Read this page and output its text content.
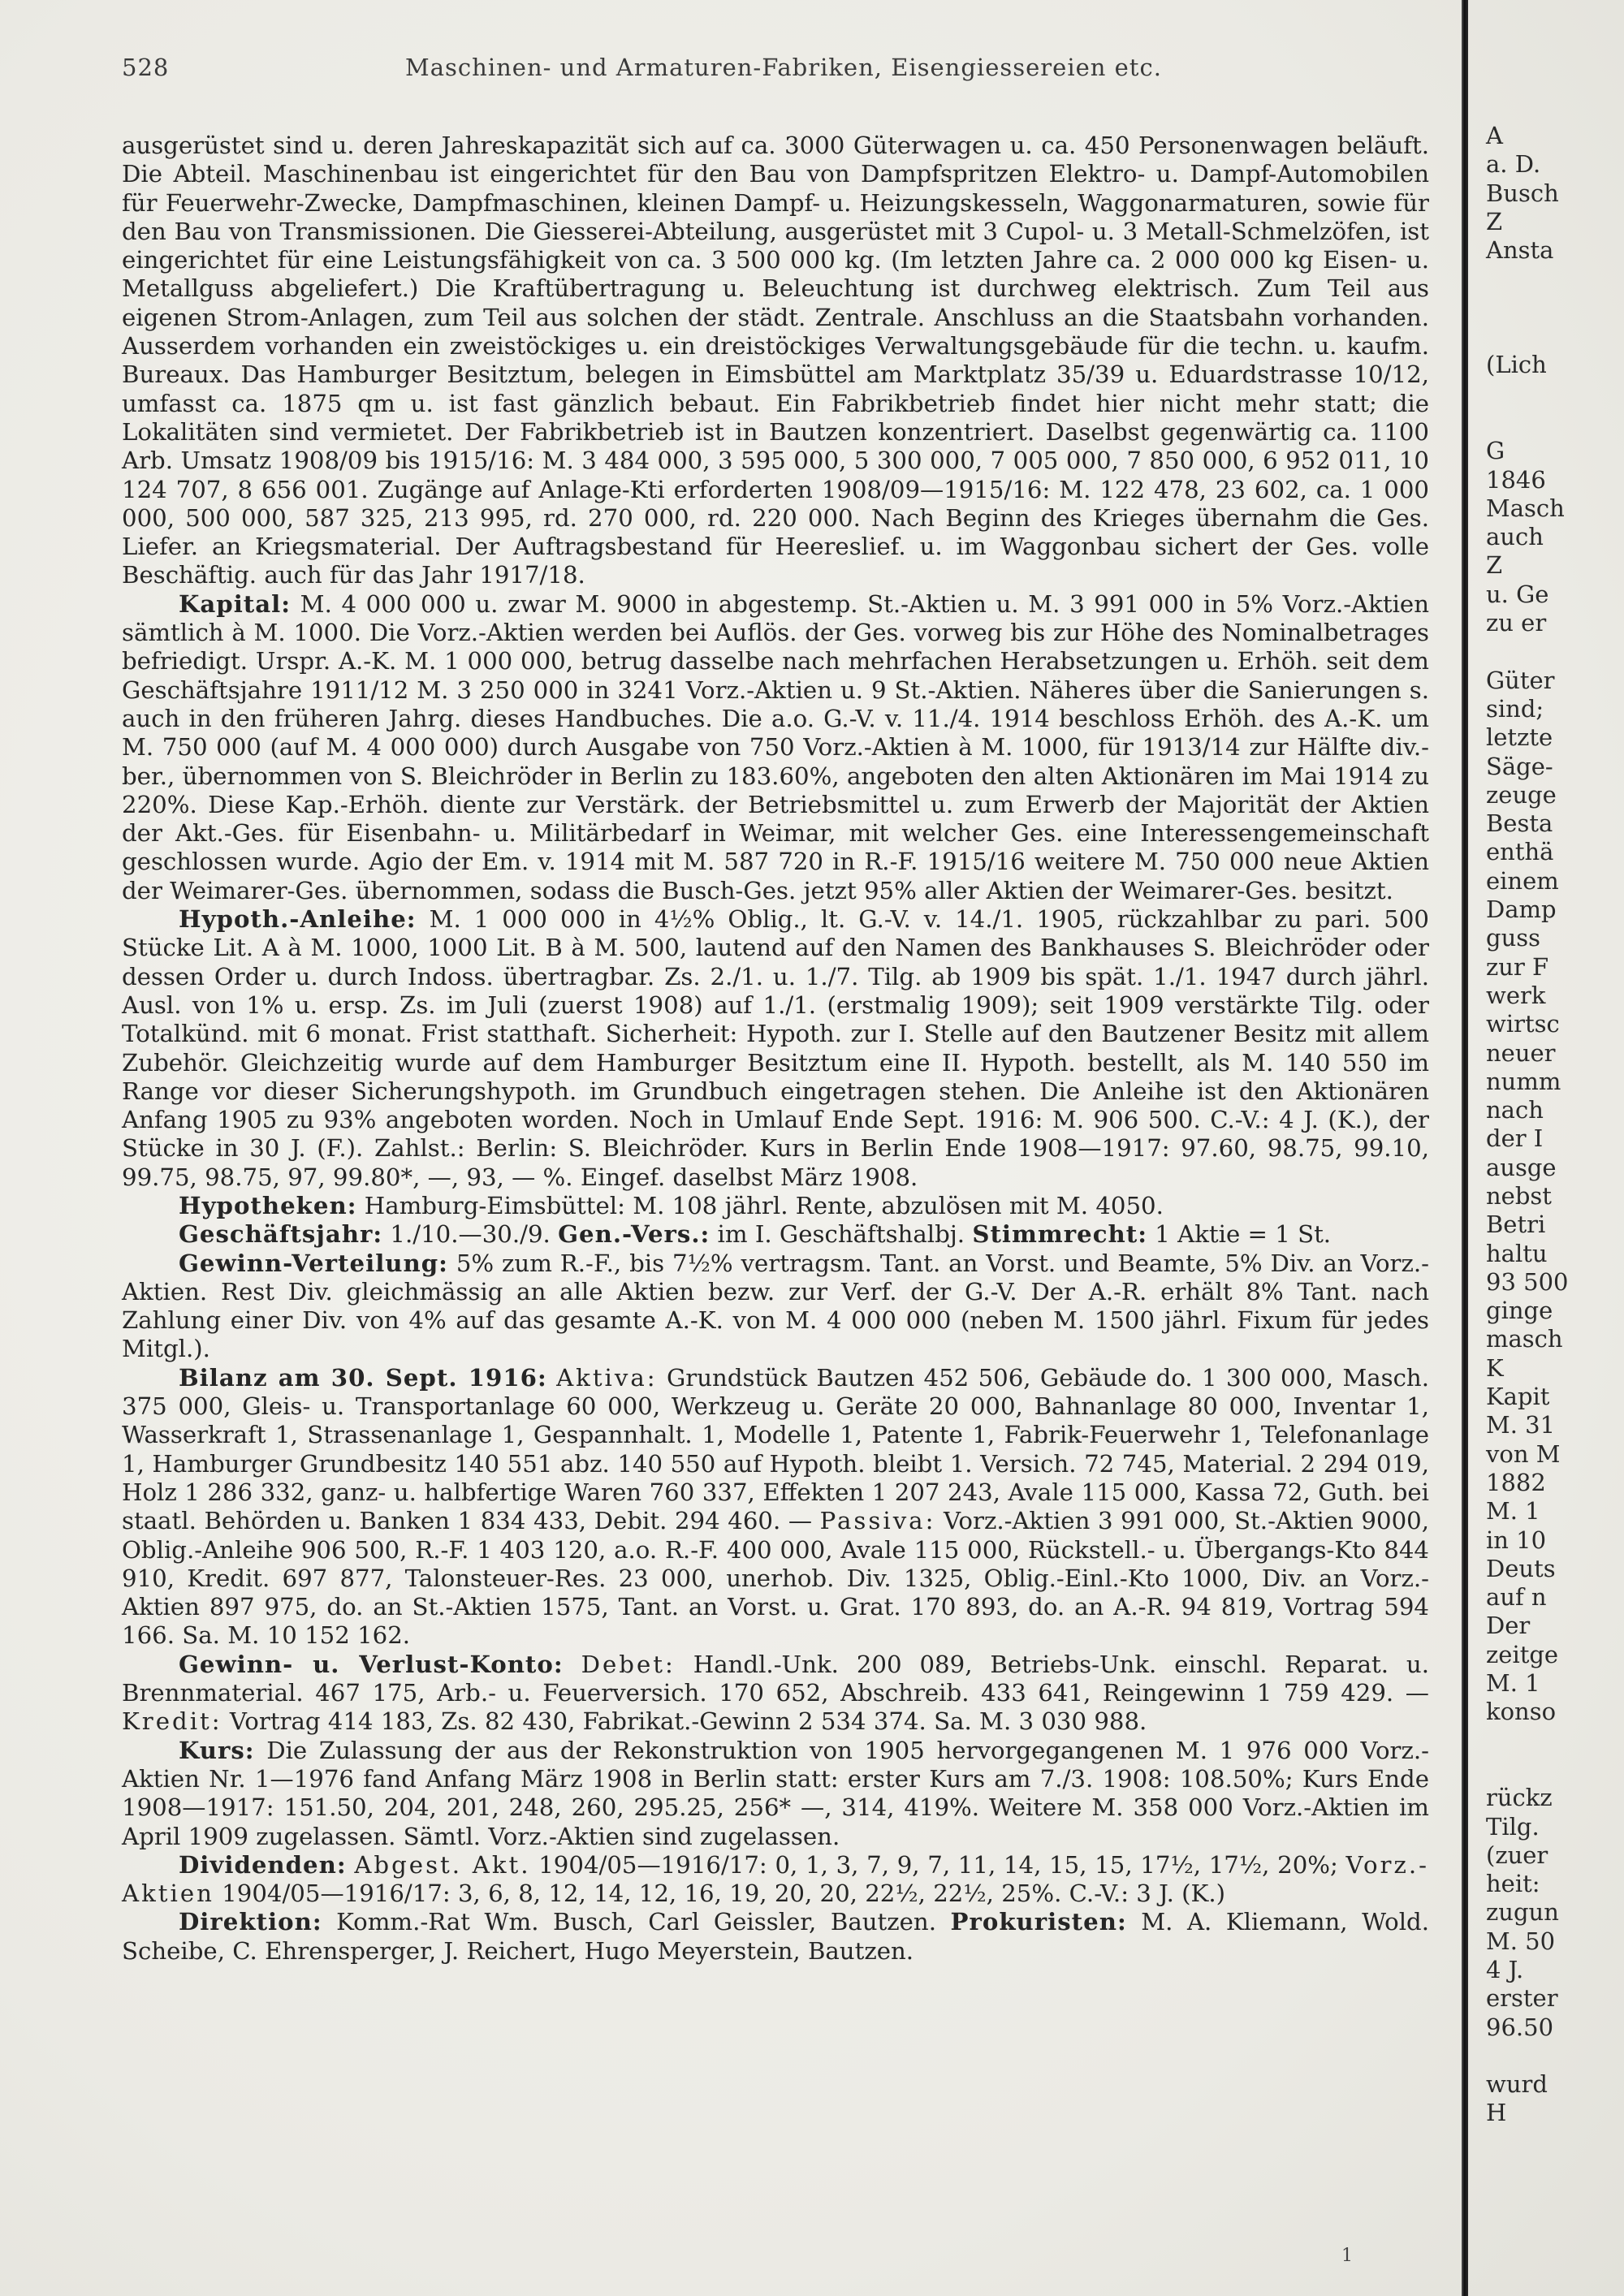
528	Maschinen- und Armaturen-Fabriken, Eisengiessereien etc.

ausgerüstet sind u. deren Jahreskapazität sich auf ca. 3000 Güterwagen u. ca. 450 Personenwagen beläuft. Die Abteil. Maschinenbau ist eingerichtet für den Bau von Dampfspritzen Elektro- u. Dampf-Automobilen für Feuerwehr-Zwecke, Dampfmaschinen, kleinen Dampf- u. Heizungskesseln, Waggonarmaturen, sowie für den Bau von Transmissionen. Die Giesserei-Abteilung, ausgerüstet mit 3 Cupol- u. 3 Metall-Schmelzöfen, ist eingerichtet für eine Leistungsfähigkeit von ca. 3 500 000 kg. (Im letzten Jahre ca. 2 000 000 kg Eisen- u. Metallguss abgeliefert.) Die Kraftübertragung u. Beleuchtung ist durchweg elektrisch. Zum Teil aus eigenen Strom-Anlagen, zum Teil aus solchen der städt. Zentrale. Anschluss an die Staatsbahn vorhanden. Ausserdem vorhanden ein zweistöckiges u. ein dreistöckiges Verwaltungsgebäude für die techn. u. kaufm. Bureaux. Das Hamburger Besitztum, belegen in Eimsbüttel am Marktplatz 35/39 u. Eduardstrasse 10/12, umfasst ca. 1875 qm u. ist fast gänzlich bebaut. Ein Fabrikbetrieb findet hier nicht mehr statt; die Lokalitäten sind vermietet. Der Fabrikbetrieb ist in Bautzen konzentriert. Daselbst gegenwärtig ca. 1100 Arb. Umsatz 1908/09 bis 1915/16: M. 3 484 000, 3 595 000, 5 300 000, 7 005 000, 7 850 000, 6 952 011, 10 124 707, 8 656 001. Zugänge auf Anlage-Kti erforderten 1908/09—1915/16: M. 122 478, 23 602, ca. 1 000 000, 500 000, 587 325, 213 995, rd. 270 000, rd. 220 000. Nach Beginn des Krieges übernahm die Ges. Liefer. an Kriegsmaterial. Der Auftragsbestand für Heereslief. u. im Waggonbau sichert der Ges. volle Beschäftig. auch für das Jahr 1917/18.

Kapital: M. 4 000 000 u. zwar M. 9000 in abgestemp. St.-Aktien u. M. 3 991 000 in 5% Vorz.-Aktien sämtlich à M. 1000. Die Vorz.-Aktien werden bei Auflös. der Ges. vorweg bis zur Höhe des Nominalbetrages befriedigt. Urspr. A.-K. M. 1 000 000, betrug dasselbe nach mehrfachen Herabsetzungen u. Erhöh. seit dem Geschäftsjahre 1911/12 M. 3 250 000 in 3241 Vorz.-Aktien u. 9 St.-Aktien. Näheres über die Sanierungen s. auch in den früheren Jahrg. dieses Handbuches. Die a.o. G.-V. v. 11./4. 1914 beschloss Erhöh. des A.-K. um M. 750 000 (auf M. 4 000 000) durch Ausgabe von 750 Vorz.-Aktien à M. 1000, für 1913/14 zur Hälfte div.-ber., übernommen von S. Bleichröder in Berlin zu 183.60%, angeboten den alten Aktionären im Mai 1914 zu 220%. Diese Kap.-Erhöh. diente zur Verstärk. der Betriebsmittel u. zum Erwerb der Majorität der Aktien der Akt.-Ges. für Eisenbahn- u. Militärbedarf in Weimar, mit welcher Ges. eine Interessengemeinschaft geschlossen wurde. Agio der Em. v. 1914 mit M. 587 720 in R.-F. 1915/16 weitere M. 750 000 neue Aktien der Weimarer-Ges. übernommen, sodass die Busch-Ges. jetzt 95% aller Aktien der Weimarer-Ges. besitzt.

Hypoth.-Anleihe: M. 1 000 000 in 4½% Oblig., lt. G.-V. v. 14./1. 1905, rückzahlbar zu pari. 500 Stücke Lit. A à M. 1000, 1000 Lit. B à M. 500, lautend auf den Namen des Bankhauses S. Bleichröder oder dessen Order u. durch Indoss. übertragbar. Zs. 2./1. u. 1./7. Tilg. ab 1909 bis spät. 1./1. 1947 durch jährl. Ausl. von 1% u. ersp. Zs. im Juli (zuerst 1908) auf 1./1. (erstmalig 1909); seit 1909 verstärkte Tilg. oder Totalkünd. mit 6 monat. Frist statthaft. Sicherheit: Hypoth. zur I. Stelle auf den Bautzener Besitz mit allem Zubehör. Gleichzeitig wurde auf dem Hamburger Besitztum eine II. Hypoth. bestellt, als M. 140 550 im Range vor dieser Sicherungshypoth. im Grundbuch eingetragen stehen. Die Anleihe ist den Aktionären Anfang 1905 zu 93% angeboten worden. Noch in Umlauf Ende Sept. 1916: M. 906 500. C.-V.: 4 J. (K.), der Stücke in 30 J. (F.). Zahlst.: Berlin: S. Bleichröder. Kurs in Berlin Ende 1908—1917: 97.60, 98.75, 99.10, 99.75, 98.75, 97, 99.80*, —, 93, — %. Eingef. daselbst März 1908.

Hypotheken: Hamburg-Eimsbüttel: M. 108 jährl. Rente, abzulösen mit M. 4050.

Geschäftsjahr: 1./10.—30./9. Gen.-Vers.: im I. Geschäftshalbj. Stimmrecht: 1 Aktie = 1 St.

Gewinn-Verteilung: 5% zum R.-F., bis 7½% vertragsm. Tant. an Vorst. und Beamte, 5% Div. an Vorz.-Aktien. Rest Div. gleichmässig an alle Aktien bezw. zur Verf. der G.-V. Der A.-R. erhält 8% Tant. nach Zahlung einer Div. von 4% auf das gesamte A.-K. von M. 4 000 000 (neben M. 1500 jährl. Fixum für jedes Mitgl.).

Bilanz am 30. Sept. 1916: Aktiva: Grundstück Bautzen 452 506, Gebäude do. 1 300 000, Masch. 375 000, Gleis- u. Transportanlage 60 000, Werkzeug u. Geräte 20 000, Bahnanlage 80 000, Inventar 1, Wasserkraft 1, Strassenanlage 1, Gespannhalt. 1, Modelle 1, Patente 1, Fabrik-Feuerwehr 1, Telefonanlage 1, Hamburger Grundbesitz 140 551 abz. 140 550 auf Hypoth. bleibt 1. Versich. 72 745, Material. 2 294 019, Holz 1 286 332, ganz- u. halbfertige Waren 760 337, Effekten 1 207 243, Avale 115 000, Kassa 72, Guth. bei staatl. Behörden u. Banken 1 834 433, Debit. 294 460. — Passiva: Vorz.-Aktien 3 991 000, St.-Aktien 9000, Oblig.-Anleihe 906 500, R.-F. 1 403 120, a.o. R.-F. 400 000, Avale 115 000, Rückstell.- u. Übergangs-Kto 844 910, Kredit. 697 877, Talonsteuer-Res. 23 000, unerhob. Div. 1325, Oblig.-Einl.-Kto 1000, Div. an Vorz.-Aktien 897 975, do. an St.-Aktien 1575, Tant. an Vorst. u. Grat. 170 893, do. an A.-R. 94 819, Vortrag 594 166. Sa. M. 10 152 162.

Gewinn- u. Verlust-Konto: Debet: Handl.-Unk. 200 089, Betriebs-Unk. einschl. Reparat. u. Brennmaterial. 467 175, Arb.- u. Feuerversich. 170 652, Abschreib. 433 641, Reingewinn 1 759 429. — Kredit: Vortrag 414 183, Zs. 82 430, Fabrikat.-Gewinn 2 534 374. Sa. M. 3 030 988.

Kurs: Die Zulassung der aus der Rekonstruktion von 1905 hervorgegangenen M. 1 976 000 Vorz.-Aktien Nr. 1—1976 fand Anfang März 1908 in Berlin statt: erster Kurs am 7./3. 1908: 108.50%; Kurs Ende 1908—1917: 151.50, 204, 201, 248, 260, 295.25, 256* —, 314, 419%. Weitere M. 358 000 Vorz.-Aktien im April 1909 zugelassen. Sämtl. Vorz.-Aktien sind zugelassen.

Dividenden: Abgest. Akt. 1904/05—1916/17: 0, 1, 3, 7, 9, 7, 11, 14, 15, 15, 17½, 17½, 20%; Vorz.-Aktien 1904/05—1916/17: 3, 6, 8, 12, 14, 12, 16, 19, 20, 20, 22½, 22½, 25%. C.-V.: 3 J. (K.)

Direktion: Komm.-Rat Wm. Busch, Carl Geissler, Bautzen. Prokuristen: M. A. Kliemann, Wold. Scheibe, C. Ehrensperger, J. Reichert, Hugo Meyerstein, Bautzen.

1
A
a. D.
Busch
Z
Ansta
(Lich
G
1846
Masch
auch
Z
u. Ge
zu er
Güter
sind;
letzte
Säge-
zeuge
Besta
enthä
einem
Damp
guss
zur F
werk
wirtsc
neuer
numm
nach
der I
ausge
nebst
Betri
haltu
93 500
ginge
masch
K
Kapit
M. 31
von M
1882
M. 1
in 10
Deuts
auf n
Der
zeitge
M. 1
konso
rückz
Tilg.
(zuer
heit:
zugun
M. 50
4 J.
erster
96.50
wurd
H
